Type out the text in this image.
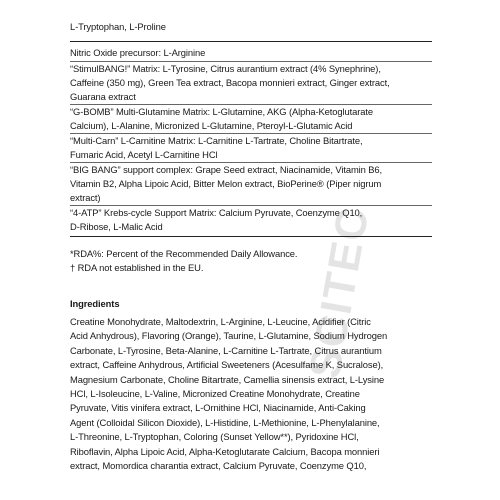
SCITEC
L-Tryptophan, L-Proline
Nitric Oxide precursor: L-Arginine
“StimulBANG!” Matrix: L-Tyrosine, Citrus aurantium extract (4% Synephrine),
Caffeine (350 mg), Green Tea extract, Bacopa monnieri extract, Ginger extract,
Guarana extract
“G-BOMB” Multi-Glutamine Matrix: L-Glutamine, AKG (Alpha-Ketoglutarate
Calcium), L-Alanine, Micronized L-Glutamine, Pteroyl-L-Glutamic Acid
“Multi-Carn” L-Carnitine Matrix: L-Carnitine L-Tartrate, Choline Bitartrate,
Fumaric Acid, Acetyl L-Carnitine HCl
“BIG BANG” support complex: Grape Seed extract, Niacinamide, Vitamin B6,
Vitamin B2, Alpha Lipoic Acid, Bitter Melon extract, BioPerine® (Piper nigrum
extract)
“4-ATP” Krebs-cycle Support Matrix: Calcium Pyruvate, Coenzyme Q10,
D-Ribose, L-Malic Acid
*RDA%: Percent of the Recommended Daily Allowance.
† RDA not established in the EU.
Ingredients
Creatine Monohydrate, Maltodextrin, L-Arginine, L-Leucine, Acidifier (Citric
Acid Anhydrous), Flavoring (Orange), Taurine, L-Glutamine, Sodium Hydrogen
Carbonate, L-Tyrosine, Beta-Alanine, L-Carnitine L-Tartrate, Citrus aurantium
extract, Caffeine Anhydrous, Artificial Sweeteners (Acesulfame K, Sucralose),
Magnesium Carbonate, Choline Bitartrate, Camellia sinensis extract, L-Lysine
HCl, L-Isoleucine, L-Valine, Micronized Creatine Monohydrate, Creatine
Pyruvate, Vitis vinifera extract, L-Ornithine HCl, Niacinamide, Anti-Caking
Agent (Colloidal Silicon Dioxide), L-Histidine, L-Methionine, L-Phenylalanine,
L-Threonine, L-Tryptophan, Coloring (Sunset Yellow**), Pyridoxine HCl,
Riboflavin, Alpha Lipoic Acid, Alpha-Ketoglutarate Calcium, Bacopa monnieri
extract, Momordica charantia extract, Calcium Pyruvate, Coenzyme Q10,
